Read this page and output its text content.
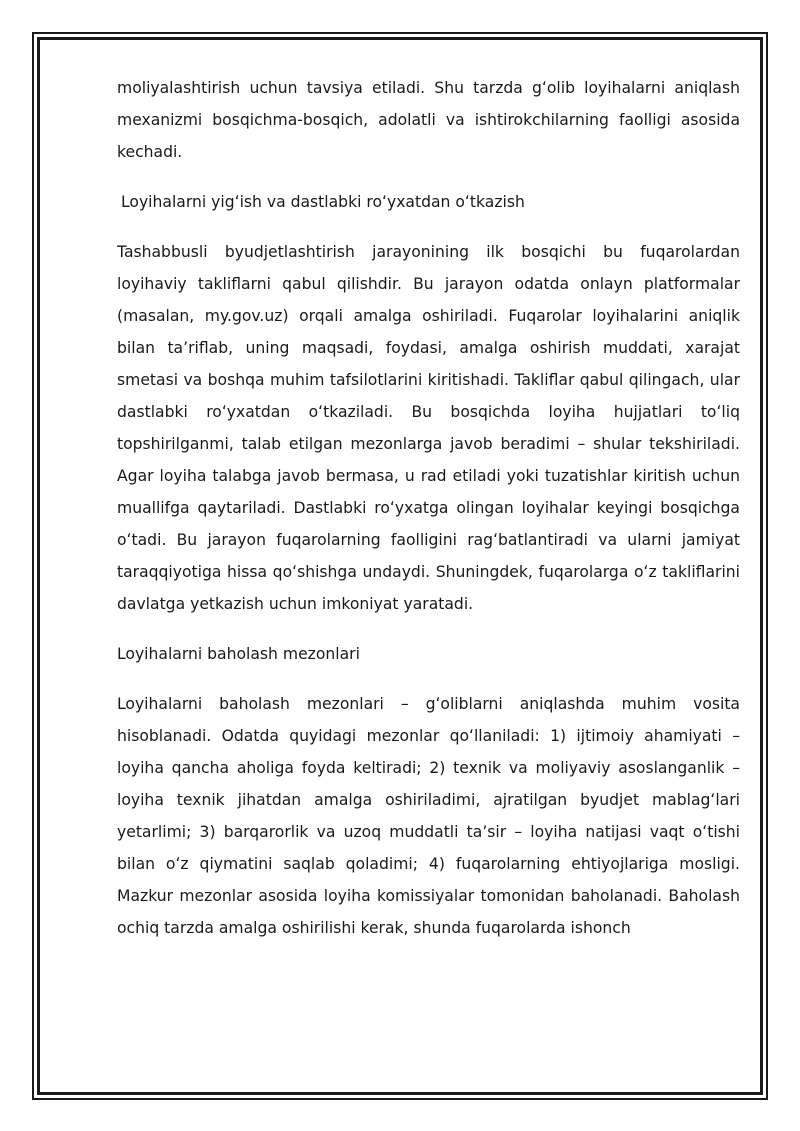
moliyalashtirish uchun tavsiya etiladi. Shu tarzda gʻolib loyihalarni aniqlash mexanizmi bosqichma-bosqich, adolatli va ishtirokchilarning faolligi asosida kechadi.

Loyihalarni yigʻish va dastlabki roʻyxatdan oʻtkazish

Tashabbusli byudjetlashtirish jarayonining ilk bosqichi bu fuqarolardan loyihaviy takliflarni qabul qilishdir. Bu jarayon odatda onlayn platformalar (masalan, my.gov.uz) orqali amalga oshiriladi. Fuqarolar loyihalarini aniqlik bilan ta’riflab, uning maqsadi, foydasi, amalga oshirish muddati, xarajat smetasi va boshqa muhim tafsilotlarini kiritishadi. Takliflar qabul qilingach, ular dastlabki roʻyxatdan oʻtkaziladi. Bu bosqichda loyiha hujjatlari toʻliq topshirilganmi, talab etilgan mezonlarga javob beradimi – shular tekshiriladi. Agar loyiha talabga javob bermasa, u rad etiladi yoki tuzatishlar kiritish uchun muallifga qaytariladi. Dastlabki roʻyxatga olingan loyihalar keyingi bosqichga oʻtadi. Bu jarayon fuqarolarning faolligini ragʻbatlantiradi va ularni jamiyat taraqqiyotiga hissa qoʻshishga undaydi. Shuningdek, fuqarolarga oʻz takliflarini davlatga yetkazish uchun imkoniyat yaratadi.

Loyihalarni baholash mezonlari

Loyihalarni baholash mezonlari – gʻoliblarni aniqlashda muhim vosita hisoblanadi. Odatda quyidagi mezonlar qoʻllaniladi: 1) ijtimoiy ahamiyati – loyiha qancha aholiga foyda keltiradi; 2) texnik va moliyaviy asoslanganlik – loyiha texnik jihatdan amalga oshiriladimi, ajratilgan byudjet mablagʻlari yetarlimi; 3) barqarorlik va uzoq muddatli ta’sir – loyiha natijasi vaqt oʻtishi bilan oʻz qiymatini saqlab qoladimi; 4) fuqarolarning ehtiyojlariga mosligi. Mazkur mezonlar asosida loyiha komissiyalar tomonidan baholanadi. Baholash ochiq tarzda amalga oshirilishi kerak, shunda fuqarolarda ishonch
